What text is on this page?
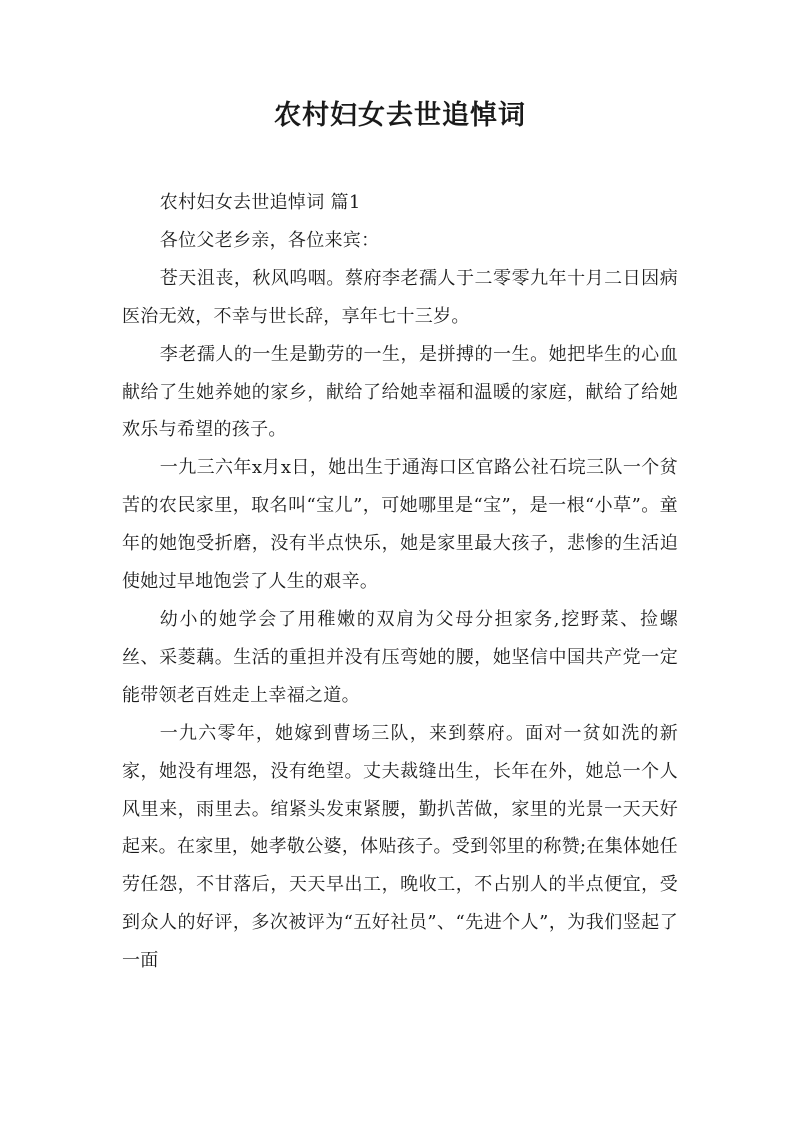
农村妇女去世追悼词

农村妇女去世追悼词 篇1

各位父老乡亲，各位来宾：

苍天沮丧，秋风呜咽。蔡府李老孺人于二零零九年十月二日因病医治无效，不幸与世长辞，享年七十三岁。

李老孺人的一生是勤劳的一生，是拼搏的一生。她把毕生的心血献给了生她养她的家乡，献给了给她幸福和温暖的家庭，献给了给她欢乐与希望的孩子。

一九三六年x月x日，她出生于通海口区官路公社石垸三队一个贫苦的农民家里，取名叫“宝儿”，可她哪里是“宝”，是一根“小草”。童年的她饱受折磨，没有半点快乐，她是家里最大孩子，悲惨的生活迫使她过早地饱尝了人生的艰辛。

幼小的她学会了用稚嫩的双肩为父母分担家务,挖野菜、捡螺丝、采菱藕。生活的重担并没有压弯她的腰，她坚信中国共产党一定能带领老百姓走上幸福之道。

一九六零年，她嫁到曹场三队，来到蔡府。面对一贫如洗的新家，她没有埋怨，没有绝望。丈夫裁缝出生，长年在外，她总一个人风里来，雨里去。绾紧头发束紧腰，勤扒苦做，家里的光景一天天好起来。在家里，她孝敬公婆，体贴孩子。受到邻里的称赞;在集体她任劳任怨，不甘落后，天天早出工，晚收工，不占别人的半点便宜，受到众人的好评，多次被评为“五好社员”、“先进个人”，为我们竖起了一面
